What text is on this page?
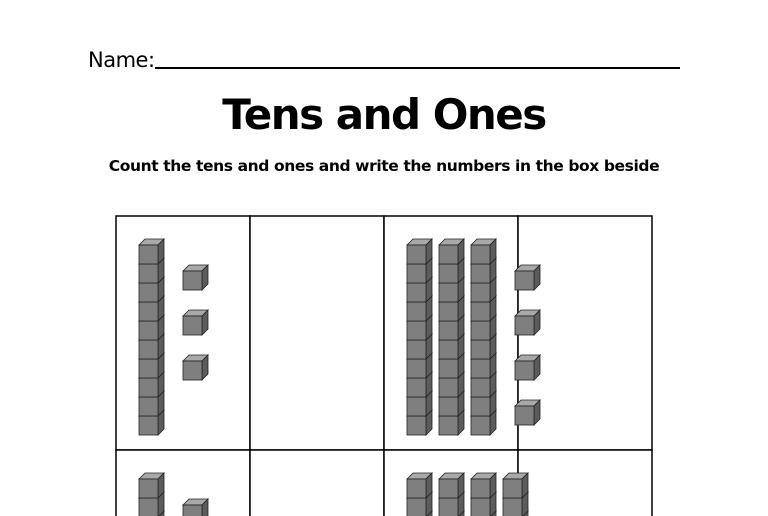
Name:
Tens and Ones
Count the tens and ones and write the numbers in the box beside
